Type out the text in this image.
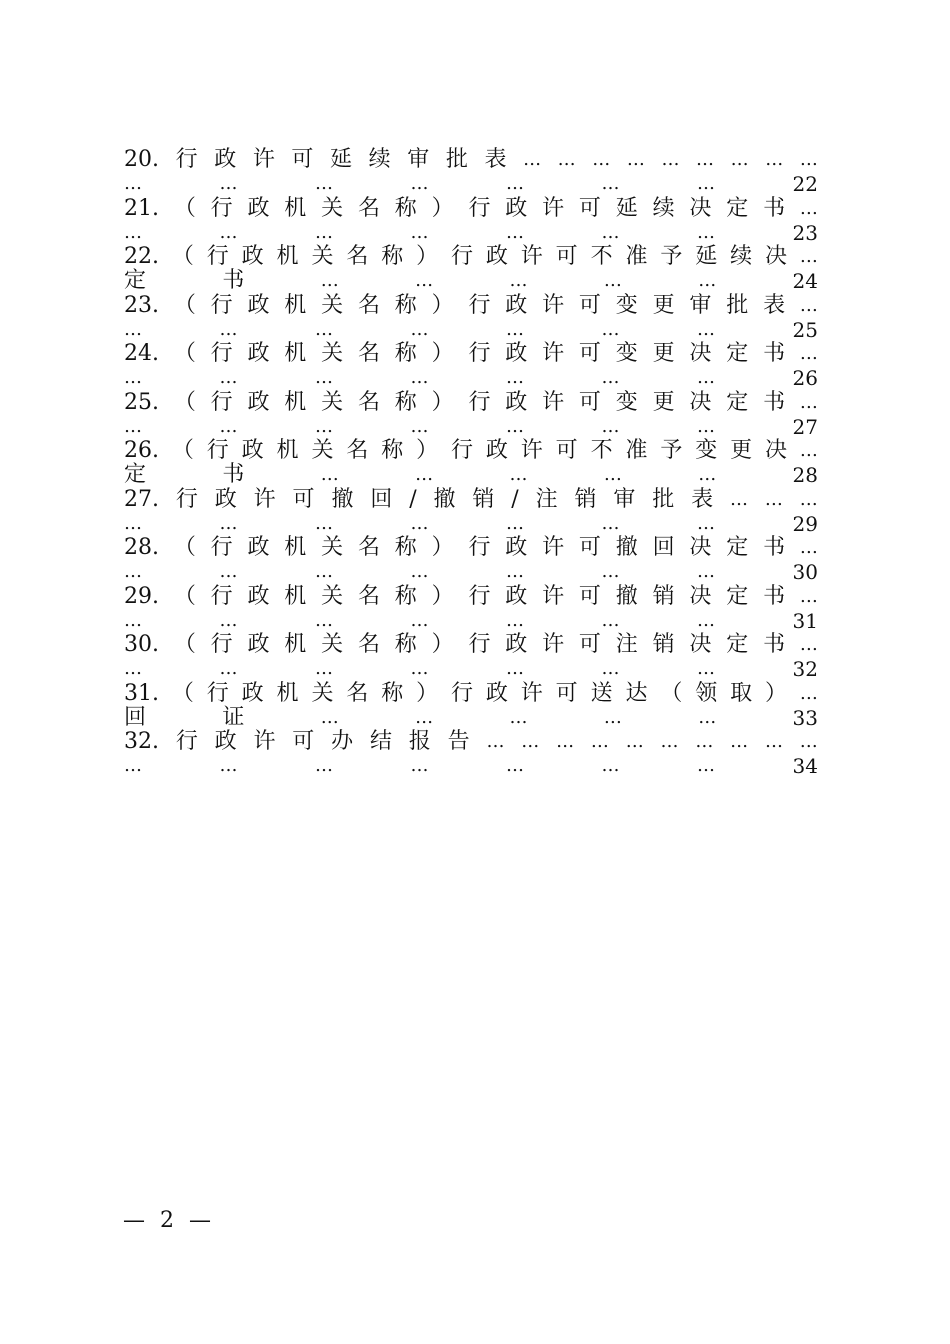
20. 行 政 许 可 延 续 审 批 表 … … … … … … … … …
…	…	…	…	…	…	…	22
21. （ 行 政 机 关 名 称 ） 行 政 许 可 延 续 决 定 书 …
…	…	…	…	…	…	…	23
22. （ 行 政 机 关 名 称 ） 行 政 许 可 不 准 予 延 续 决 …
定	书	…	…	…	…	…	24
23. （ 行 政 机 关 名 称 ） 行 政 许 可 变 更 审 批 表 …
…	…	…	…	…	…	…	25
24. （ 行 政 机 关 名 称 ） 行 政 许 可 变 更 决 定 书 …
…	…	…	…	…	…	…	26
25. （ 行 政 机 关 名 称 ） 行 政 许 可 变 更 决 定 书 …
…	…	…	…	…	…	…	27
26. （ 行 政 机 关 名 称 ） 行 政 许 可 不 准 予 变 更 决 …
定	书	…	…	…	…	…	28
27. 行 政 许 可 撤 回 / 撤 销 / 注 销 审 批 表 … … …
…	…	…	…	…	…	…	29
28. （ 行 政 机 关 名 称 ） 行 政 许 可 撤 回 决 定 书 …
…	…	…	…	…	…	…	30
29. （ 行 政 机 关 名 称 ） 行 政 许 可 撤 销 决 定 书 …
…	…	…	…	…	…	…	31
30. （ 行 政 机 关 名 称 ） 行 政 许 可 注 销 决 定 书 …
…	…	…	…	…	…	…	32
31. （ 行 政 机 关 名 称 ） 行 政 许 可 送 达 （ 领 取 ） …
回	证	…	…	…	…	…	33
32. 行 政 许 可 办 结 报 告 … … … … … … … … … …
…	…	…	…	…	…	…	34
— 2 —
